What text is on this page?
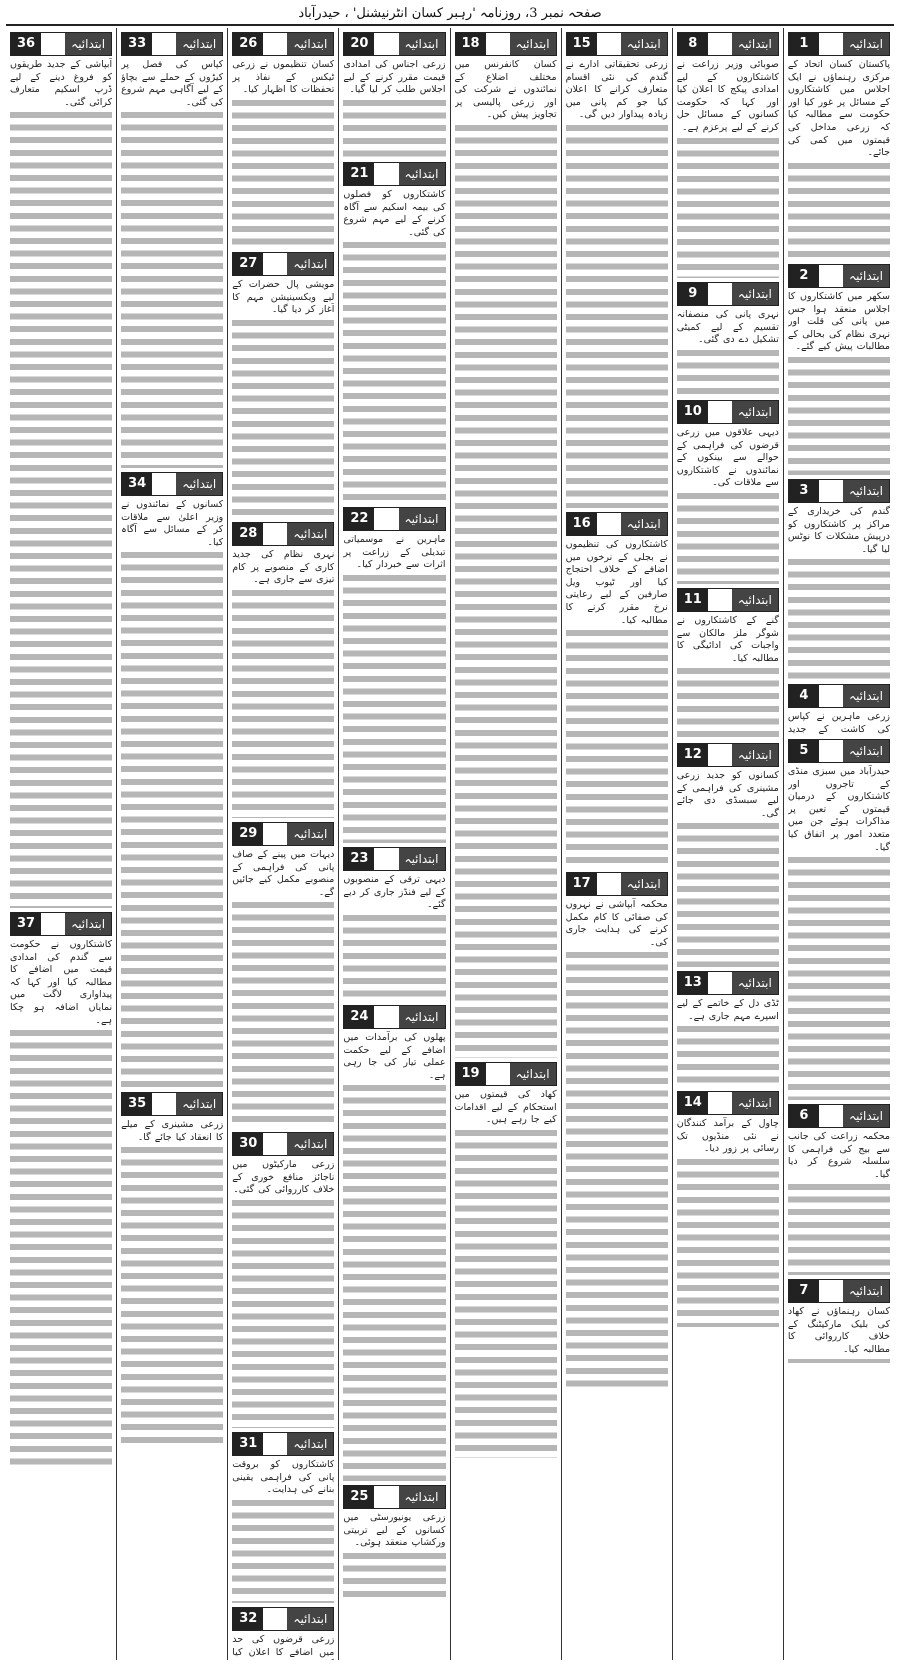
صفحہ نمبر 3، روزنامہ 'رہبر کسان انٹرنیشنل' ، حیدرآباد
ابتدائیہ
1
پاکستان کسان اتحاد کے مرکزی رہنماؤں نے ایک اجلاس میں کاشتکاروں کے مسائل پر غور کیا اور حکومت سے مطالبہ کیا کہ زرعی مداخل کی قیمتوں میں کمی کی جائے۔
ابتدائیہ
2
سکھر میں کاشتکاروں کا اجلاس منعقد ہوا جس میں پانی کی قلت اور نہری نظام کی بحالی کے مطالبات پیش کیے گئے۔
ابتدائیہ
3
گندم کی خریداری کے مراکز پر کاشتکاروں کو درپیش مشکلات کا نوٹس لیا گیا۔
ابتدائیہ
4
زرعی ماہرین نے کپاس کی کاشت کے جدید
ابتدائیہ
5
حیدرآباد میں سبزی منڈی کے تاجروں اور کاشتکاروں کے درمیان قیمتوں کے تعین پر مذاکرات ہوئے جن میں متعدد امور پر اتفاق کیا گیا۔
ابتدائیہ
6
محکمہ زراعت کی جانب سے بیج کی فراہمی کا سلسلہ شروع کر دیا گیا۔
ابتدائیہ
7
کسان رہنماؤں نے کھاد کی بلیک مارکیٹنگ کے خلاف کارروائی کا مطالبہ کیا۔
ابتدائیہ
8
صوبائی وزیر زراعت نے کاشتکاروں کے لیے امدادی پیکج کا اعلان کیا اور کہا کہ حکومت کسانوں کے مسائل حل کرنے کے لیے پرعزم ہے۔
ابتدائیہ
9
نہری پانی کی منصفانہ تقسیم کے لیے کمیٹی تشکیل دے دی گئی۔
ابتدائیہ
10
دیہی علاقوں میں زرعی قرضوں کی فراہمی کے حوالے سے بینکوں کے نمائندوں نے کاشتکاروں سے ملاقات کی۔
ابتدائیہ
11
گنے کے کاشتکاروں نے شوگر ملز مالکان سے واجبات کی ادائیگی کا مطالبہ کیا۔
ابتدائیہ
12
کسانوں کو جدید زرعی مشینری کی فراہمی کے لیے سبسڈی دی جائے گی۔
ابتدائیہ
13
ٹڈی دل کے خاتمے کے لیے اسپرے مہم جاری ہے۔
ابتدائیہ
14
چاول کے برآمد کنندگان نے نئی منڈیوں تک رسائی پر زور دیا۔
ابتدائیہ
15
زرعی تحقیقاتی ادارے نے گندم کی نئی اقسام متعارف کرانے کا اعلان کیا جو کم پانی میں زیادہ پیداوار دیں گی۔
ابتدائیہ
16
کاشتکاروں کی تنظیموں نے بجلی کے نرخوں میں اضافے کے خلاف احتجاج کیا اور ٹیوب ویل صارفین کے لیے رعایتی نرخ مقرر کرنے کا مطالبہ کیا۔
ابتدائیہ
17
محکمہ آبپاشی نے نہروں کی صفائی کا کام مکمل کرنے کی ہدایت جاری کی۔
ابتدائیہ
18
کسان کانفرنس میں مختلف اضلاع کے نمائندوں نے شرکت کی اور زرعی پالیسی پر تجاویز پیش کیں۔
ابتدائیہ
19
کھاد کی قیمتوں میں استحکام کے لیے اقدامات کیے جا رہے ہیں۔
ابتدائیہ
20
زرعی اجناس کی امدادی قیمت مقرر کرنے کے لیے اجلاس طلب کر لیا گیا۔
ابتدائیہ
21
کاشتکاروں کو فصلوں کی بیمہ اسکیم سے آگاہ کرنے کے لیے مہم شروع کی گئی۔
ابتدائیہ
22
ماہرین نے موسمیاتی تبدیلی کے زراعت پر اثرات سے خبردار کیا۔
ابتدائیہ
23
دیہی ترقی کے منصوبوں کے لیے فنڈز جاری کر دیے گئے۔
ابتدائیہ
24
پھلوں کی برآمدات میں اضافے کے لیے حکمت عملی تیار کی جا رہی ہے۔
ابتدائیہ
25
زرعی یونیورسٹی میں کسانوں کے لیے تربیتی ورکشاپ منعقد ہوئی۔
ابتدائیہ
26
کسان تنظیموں نے زرعی ٹیکس کے نفاذ پر تحفظات کا اظہار کیا۔
ابتدائیہ
27
مویشی پال حضرات کے لیے ویکسینیشن مہم کا آغاز کر دیا گیا۔
ابتدائیہ
28
نہری نظام کی جدید کاری کے منصوبے پر کام تیزی سے جاری ہے۔
ابتدائیہ
29
دیہات میں پینے کے صاف پانی کی فراہمی کے منصوبے مکمل کیے جائیں گے۔
ابتدائیہ
30
زرعی مارکیٹوں میں ناجائز منافع خوری کے خلاف کارروائی کی گئی۔
ابتدائیہ
31
کاشتکاروں کو بروقت پانی کی فراہمی یقینی بنانے کی ہدایت۔
ابتدائیہ
32
زرعی قرضوں کی حد میں اضافے کا اعلان کیا
ابتدائیہ
33
کپاس کی فصل پر کیڑوں کے حملے سے بچاؤ کے لیے آگاہی مہم شروع کی گئی۔
ابتدائیہ
34
کسانوں کے نمائندوں نے وزیر اعلیٰ سے ملاقات کر کے مسائل سے آگاہ کیا۔
ابتدائیہ
35
زرعی مشینری کے میلے کا انعقاد کیا جائے گا۔
ابتدائیہ
36
آبپاشی کے جدید طریقوں کو فروغ دینے کے لیے ڈرپ اسکیم متعارف کرائی گئی۔
ابتدائیہ
37
کاشتکاروں نے حکومت سے گندم کی امدادی قیمت میں اضافے کا مطالبہ کیا اور کہا کہ پیداواری لاگت میں نمایاں اضافہ ہو چکا ہے۔
